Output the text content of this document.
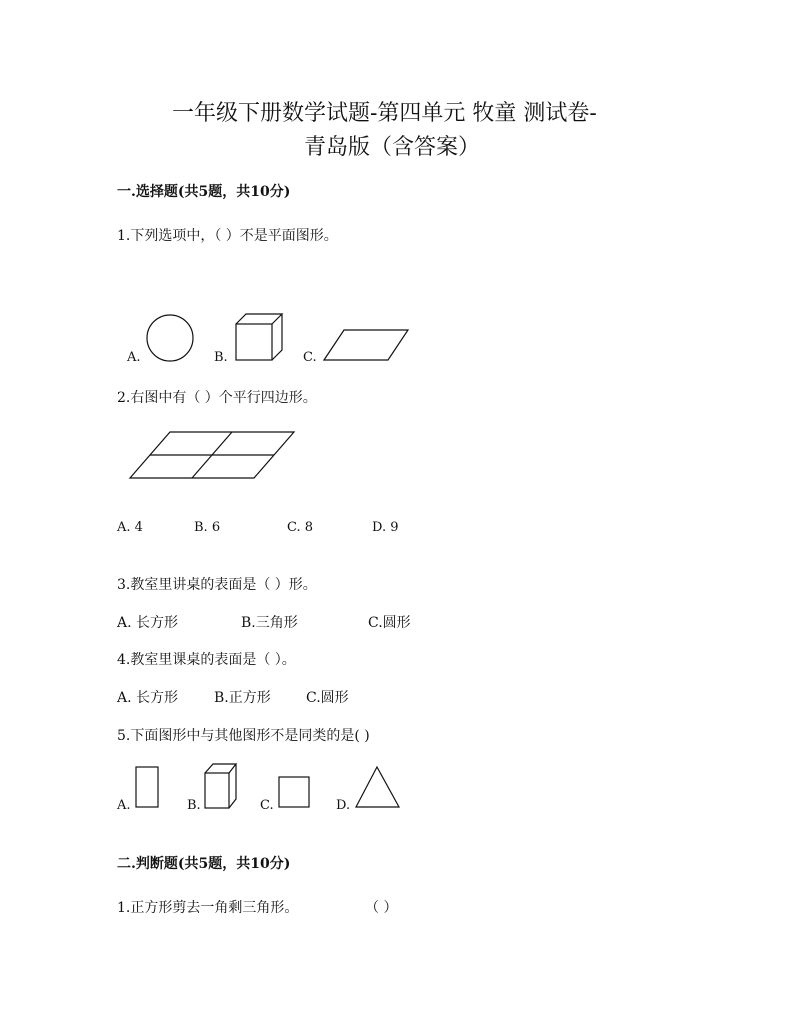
一年级下册数学试题-第四单元 牧童 测试卷-
青岛版（含答案）
一.选择题(共5题，共10分)
1.下列选项中，（ ）不是平面图形。
A.	B.	C.
2.右图中有（ ）个平行四边形。
A. 4	B. 6	C. 8	D. 9
3.教室里讲桌的表面是（ ）形。
A. 长方形	B.三角形	C.圆形
4.教室里课桌的表面是（ ）。
A. 长方形	B.正方形	C.圆形
5.下面图形中与其他图形不是同类的是( )
A.	B.	C.	D.
二.判断题(共5题，共10分)
1.正方形剪去一角剩三角形。	（ ）
